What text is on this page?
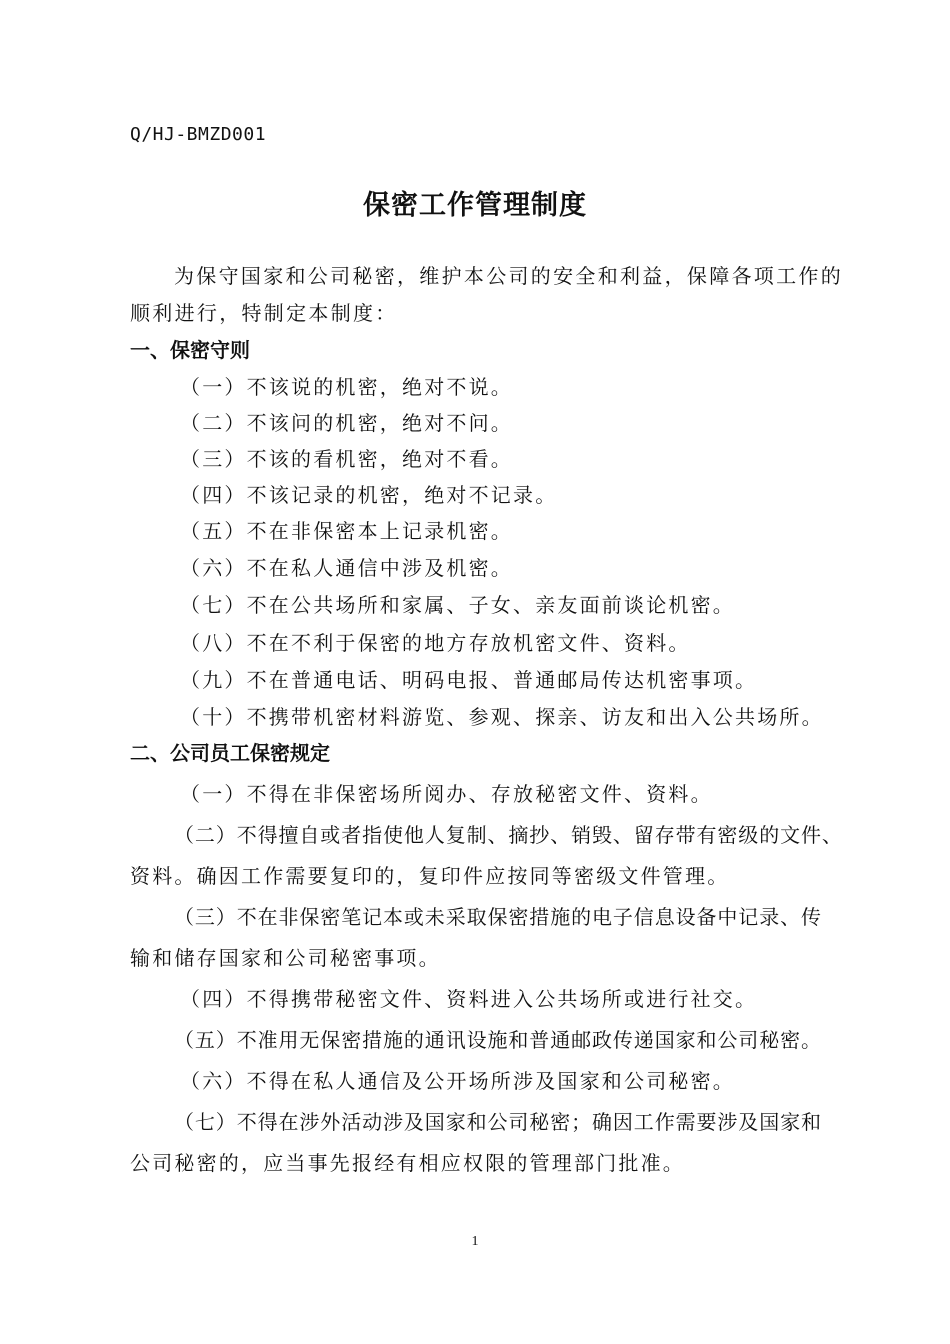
Q/HJ-BMZD001
保密工作管理制度
为保守国家和公司秘密，维护本公司的安全和利益，保障各项工作的
顺利进行，特制定本制度：
一、保密守则
（一）不该说的机密，绝对不说。
（二）不该问的机密，绝对不问。
（三）不该的看机密，绝对不看。
（四）不该记录的机密，绝对不记录。
（五）不在非保密本上记录机密。
（六）不在私人通信中涉及机密。
（七）不在公共场所和家属、子女、亲友面前谈论机密。
（八）不在不利于保密的地方存放机密文件、资料。
（九）不在普通电话、明码电报、普通邮局传达机密事项。
（十）不携带机密材料游览、参观、探亲、访友和出入公共场所。
二、公司员工保密规定
（一）不得在非保密场所阅办、存放秘密文件、资料。
（二）不得擅自或者指使他人复制、摘抄、销毁、留存带有密级的文件、
资料。确因工作需要复印的，复印件应按同等密级文件管理。
（三）不在非保密笔记本或未采取保密措施的电子信息设备中记录、传
输和储存国家和公司秘密事项。
（四）不得携带秘密文件、资料进入公共场所或进行社交。
（五）不准用无保密措施的通讯设施和普通邮政传递国家和公司秘密。
（六）不得在私人通信及公开场所涉及国家和公司秘密。
（七）不得在涉外活动涉及国家和公司秘密；确因工作需要涉及国家和
公司秘密的，应当事先报经有相应权限的管理部门批准。
1
